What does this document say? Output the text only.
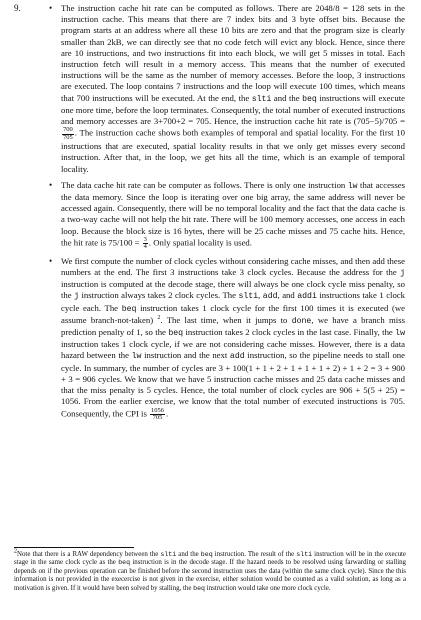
9.	• The instruction cache hit rate can be computed as follows. There are 2048/8 = 128 sets in the instruction cache. This means that there are 7 index bits and 3 byte offset bits. Because the program starts at an address where all these 10 bits are zero and that the program size is clearly smaller than 2kB, we can directly see that no code fetch will evict any block. Hence, since there are 10 instructions, and two instructions fit into each block, we will get 5 misses in total. Each instruction fetch will result in a memory access. This means that the number of executed instructions will be the same as the number of memory accesses. Before the loop, 3 instructions are executed. The loop contains 7 instructions and the loop will execute 100 times, which means that 700 instructions will be executed. At the end, the slti and the beq instructions will execute one more time, before the loop terminates. Consequently, the total number of executed instructions and memory accesses are 3+700+2 = 705. Hence, the instruction cache hit rate is (705−5)/705 =
$\frac{700}{705}$ . The instruction cache shows both examples of temporal and spatial locality. For the first 10 instructions that are executed, spatial locality results in that we only get misses every second instruction. After that, in the loop, we get hits all the time, which is an example of temporal locality.

• The data cache hit rate can be computer as follows. There is only one instruction lw that accesses the data memory. Since the loop is iterating over one big array, the same address will never be accessed again. Consequently, there will be no temporal locality and the fact that the data cache is a two-way cache will not help the hit rate. There will be 100 memory accesses, one access in each loop. Because the block size is 16 bytes, there will be 25 cache misses and 75 cache hits. Hence, the hit rate is $75/100 = \frac{3}{4}$ . Only spatial locality is used.

• We first compute the number of clock cycles without considering cache misses, and then add these numbers at the end. The first 3 instructions take 3 clock cycles. Because the address for the j instruction is computed at the decode stage, there will always be one clock cycle miss penalty, so the j instruction always takes 2 clock cycles. The slti, add, and addi instructions take 1 clock cycle each. The beq instruction takes 1 clock cycle for the first 100 times it is executed (we assume branch-not-taken) $^2$. The last time, when it jumps to done, we have a branch miss prediction penalty of 1, so the beq instruction takes 2 clock cycles in the last case. Finally, the lw instruction takes 1 clock cycle, if we are not considering cache misses. However, there is a data hazard between the lw instruction and the next add instruction, so the pipeline needs to stall one cycle. In summary, the number of cycles are 3 + 100(1 + 1 + 2 + 1 + 1 + 1 + 2) + 1 + 2 = 3 + 900 + 3 = 906 cycles. We know that we have 5 instruction cache misses and 25 data cache misses and that the miss penalty is 5 cycles. Hence, the total number of clock cycles are 906 + 5(5 + 25) = 1056. From the earlier exercise, we know that the total number of executed instructions is 705. Consequently, the CPI is $\frac{1056}{705}$ .

$^2$Note that there is a RAW dependency between the slti and the beq instruction. The result of the slti instruction will be in the execute stage in the same clock cycle as the beq instruction is in the decode stage. If the hazard needs to be resolved using farwarding or stalling depends on if the previous operation can be finished before the second instruction uses the data (within the same clock cycle). Since the this information is not provided in the execercise is not given in the exercise, either solution would be counted as a valid solution, as long as a motivation is given. If it would have been solved by stalling, the beq instruction would take one more clock cycle.
